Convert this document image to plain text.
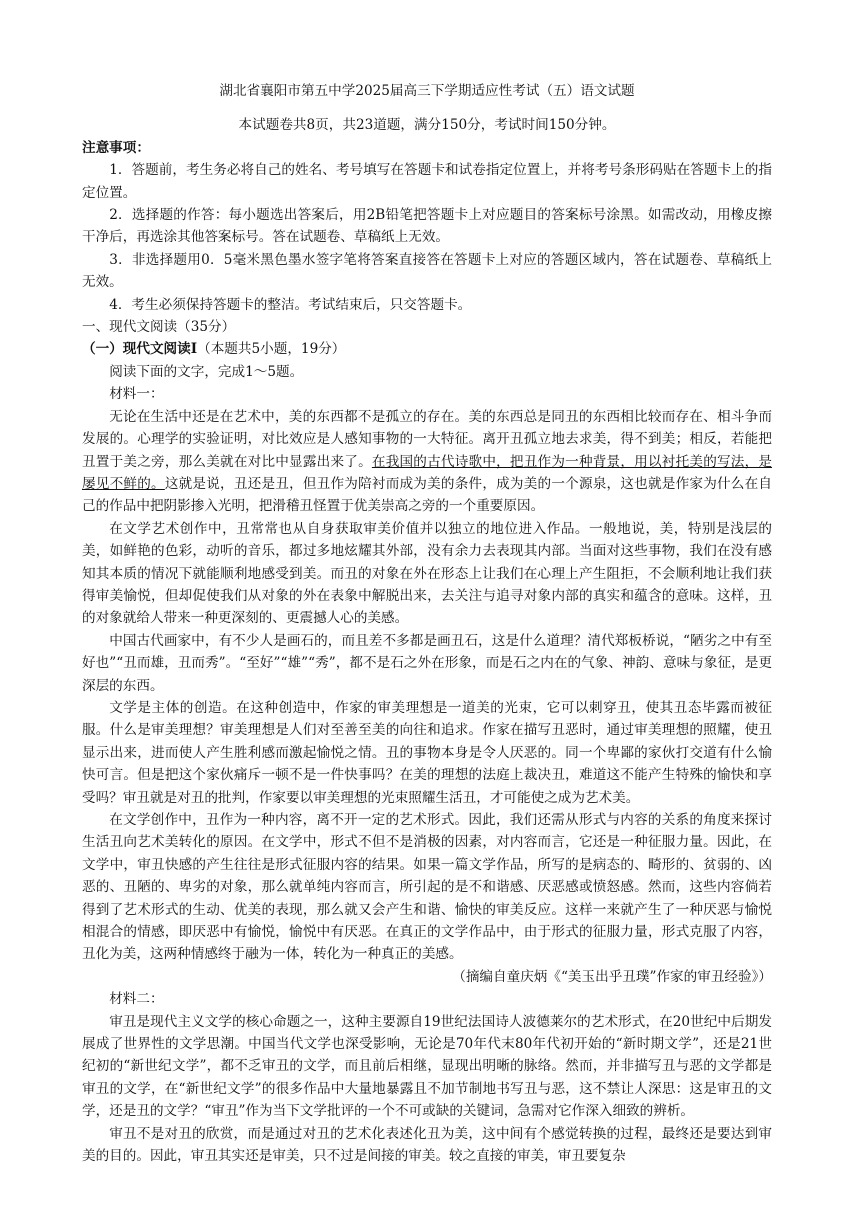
湖北省襄阳市第五中学2025届高三下学期适应性考试（五）语文试题

本试题卷共8页，共23道题，满分150分，考试时间150分钟。

注意事项：

1．答题前，考生务必将自己的姓名、考号填写在答题卡和试卷指定位置上，并将考号条形码贴在答题卡上的指定位置。

2．选择题的作答：每小题选出答案后，用2B铅笔把答题卡上对应题目的答案标号涂黑。如需改动，用橡皮擦干净后，再选涂其他答案标号。答在试题卷、草稿纸上无效。

3．非选择题用0．5毫米黑色墨水签字笔将答案直接答在答题卡上对应的答题区域内，答在试题卷、草稿纸上无效。

4．考生必须保持答题卡的整洁。考试结束后，只交答题卡。

一、现代文阅读（35分）

（一）现代文阅读Ⅰ（本题共5小题，19分）

阅读下面的文字，完成1～5题。

材料一：

无论在生活中还是在艺术中，美的东西都不是孤立的存在。美的东西总是同丑的东西相比较而存在、相斗争而发展的。心理学的实验证明，对比效应是人感知事物的一大特征。离开丑孤立地去求美，得不到美；相反，若能把丑置于美之旁，那么美就在对比中显露出来了。在我国的古代诗歌中，把丑作为一种背景，用以衬托美的写法，是屡见不鲜的。这就是说，丑还是丑，但丑作为陪衬而成为美的条件，成为美的一个源泉，这也就是作家为什么在自己的作品中把阴影掺入光明，把滑稽丑怪置于优美崇高之旁的一个重要原因。

在文学艺术创作中，丑常常也从自身获取审美价值并以独立的地位进入作品。一般地说，美，特别是浅层的美，如鲜艳的色彩，动听的音乐，都过多地炫耀其外部，没有余力去表现其内部。当面对这些事物，我们在没有感知其本质的情况下就能顺利地感受到美。而丑的对象在外在形态上让我们在心理上产生阻拒，不会顺利地让我们获得审美愉悦，但却促使我们从对象的外在表象中解脱出来，去关注与追寻对象内部的真实和蕴含的意味。这样，丑的对象就给人带来一种更深刻的、更震撼人心的美感。

中国古代画家中，有不少人是画石的，而且差不多都是画丑石，这是什么道理？清代郑板桥说，“陋劣之中有至好也”“丑而雄，丑而秀”。“至好”“雄”“秀”，都不是石之外在形象，而是石之内在的气象、神韵、意味与象征，是更深层的东西。

文学是主体的创造。在这种创造中，作家的审美理想是一道美的光束，它可以刺穿丑，使其丑态毕露而被征服。什么是审美理想？审美理想是人们对至善至美的向往和追求。作家在描写丑恶时，通过审美理想的照耀，使丑显示出来，进而使人产生胜利感而激起愉悦之情。丑的事物本身是令人厌恶的。同一个卑鄙的家伙打交道有什么愉快可言。但是把这个家伙痛斥一顿不是一件快事吗？在美的理想的法庭上裁决丑，难道这不能产生特殊的愉快和享受吗？审丑就是对丑的批判，作家要以审美理想的光束照耀生活丑，才可能使之成为艺术美。

在文学创作中，丑作为一种内容，离不开一定的艺术形式。因此，我们还需从形式与内容的关系的角度来探讨生活丑向艺术美转化的原因。在文学中，形式不但不是消极的因素，对内容而言，它还是一种征服力量。因此，在文学中，审丑快感的产生往往是形式征服内容的结果。如果一篇文学作品，所写的是病态的、畸形的、贫弱的、凶恶的、丑陋的、卑劣的对象，那么就单纯内容而言，所引起的是不和谐感、厌恶感或愤怒感。然而，这些内容倘若得到了艺术形式的生动、优美的表现，那么就又会产生和谐、愉快的审美反应。这样一来就产生了一种厌恶与愉悦相混合的情感，即厌恶中有愉悦，愉悦中有厌恶。在真正的文学作品中，由于形式的征服力量，形式克服了内容，丑化为美，这两种情感终于融为一体，转化为一种真正的美感。

（摘编自童庆炳《“美玉出乎丑璞”作家的审丑经验》）

材料二：

审丑是现代主义文学的核心命题之一，这种主要源自19世纪法国诗人波德莱尔的艺术形式，在20世纪中后期发展成了世界性的文学思潮。中国当代文学也深受影响，无论是70年代末80年代初开始的“新时期文学”，还是21世纪初的“新世纪文学”，都不乏审丑的文学，而且前后相继，显现出明晰的脉络。然而，并非描写丑与恶的文学都是审丑的文学，在“新世纪文学”的很多作品中大量地暴露且不加节制地书写丑与恶，这不禁让人深思：这是审丑的文学，还是丑的文学？“审丑”作为当下文学批评的一个不可或缺的关键词，急需对它作深入细致的辨析。

审丑不是对丑的欣赏，而是通过对丑的艺术化表述化丑为美，这中间有个感觉转换的过程，最终还是要达到审美的目的。因此，审丑其实还是审美，只不过是间接的审美。较之直接的审美，审丑要复杂
